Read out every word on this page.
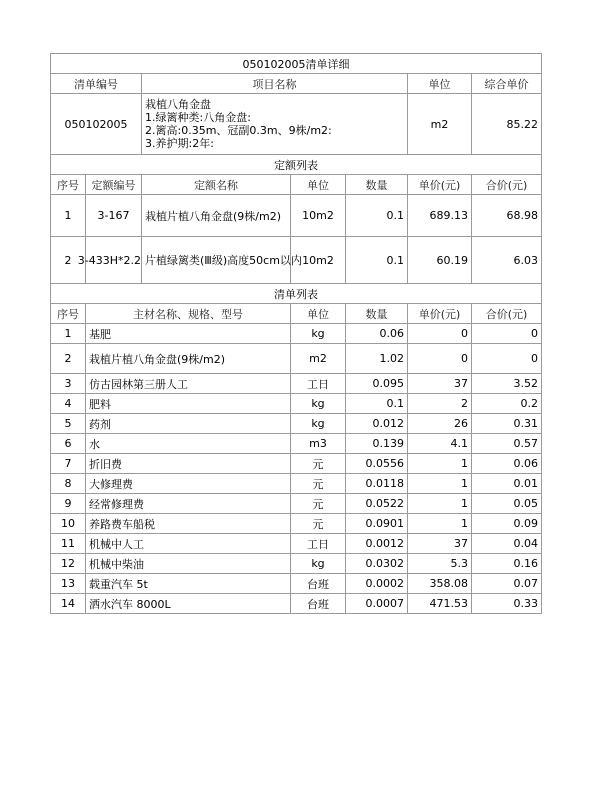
050102005清单详细						
清单编号		项目名称			单位	综合单价
050102005		栽植八角金盘
1.绿篱种类:八角金盘:
2.篱高:0.35m、冠副0.3m、9株/m2:
3.养护期:2年:			m2	85.22
定额列表						
序号	定额编号	定额名称	单位	数量	单价(元)	合价(元)
1	3-167	栽植片植八角金盘(9株/m2)	10m2	0.1	689.13	68.98
2	3-433H*2.2	片植绿篱类(Ⅲ级)高度50cm以内	10m2	0.1	60.19	6.03
清单列表						
序号	主材名称、规格、型号		单位	数量	单价(元)	合价(元)
1	基肥		kg	0.06	0	0
2	栽植片植八角金盘(9株/m2)		m2	1.02	0	0
3	仿古园林第三册人工		工日	0.095	37	3.52
4	肥料		kg	0.1	2	0.2
5	药剂		kg	0.012	26	0.31
6	水		m3	0.139	4.1	0.57
7	折旧费		元	0.0556	1	0.06
8	大修理费		元	0.0118	1	0.01
9	经常修理费		元	0.0522	1	0.05
10	养路费车船税		元	0.0901	1	0.09
11	机械中人工		工日	0.0012	37	0.04
12	机械中柴油		kg	0.0302	5.3	0.16
13	载重汽车 5t		台班	0.0002	358.08	0.07
14	洒水汽车 8000L		台班	0.0007	471.53	0.33
